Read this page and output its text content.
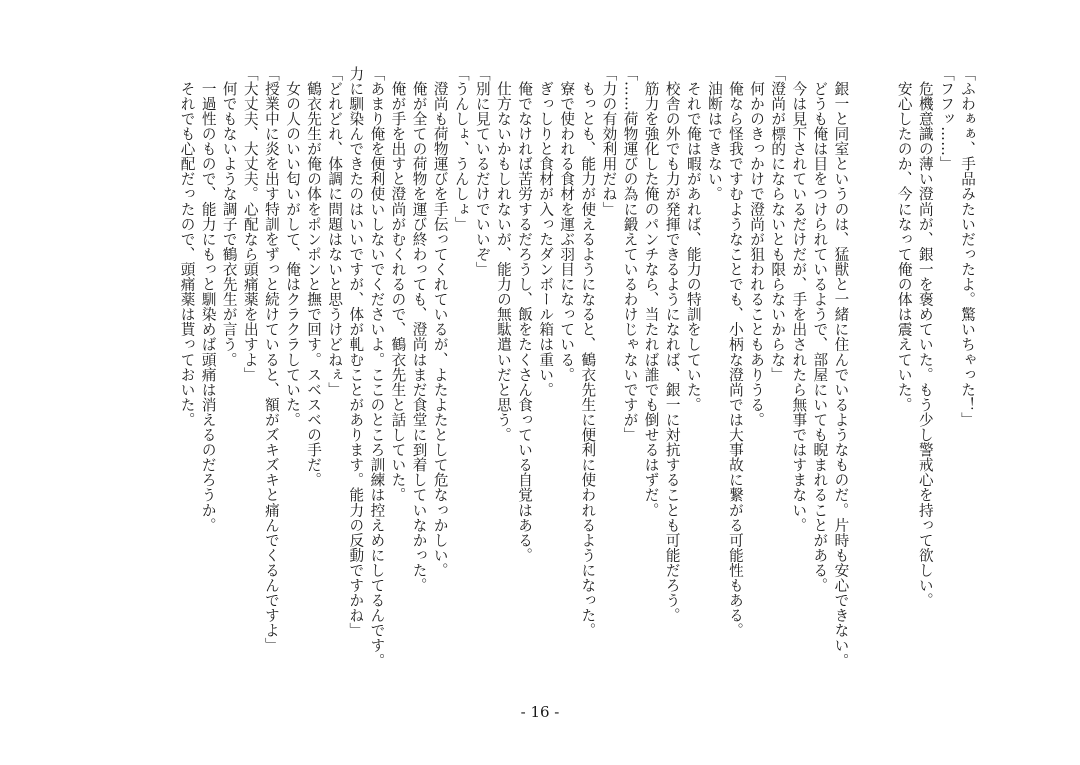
「ふわぁぁ、手品みたいだったよ。驚いちゃった！」
「フフッ……」
　危機意識の薄い澄尚が、銀一を褒めていた。もう少し警戒心を持って欲しい。
　安心したのか、今になって俺の体は震えていた。

　銀一と同室というのは、猛獣と一緒に住んでいるようなものだ。片時も安心できない。
　どうも俺は目をつけられているようで、部屋にいても睨まれることがある。
　今は見下されているだけだが、手を出されたら無事ではすまない。
「澄尚が標的にならないとも限らないからな」
　何かのきっかけで澄尚が狙われることもありうる。
　俺なら怪我ですむようなことでも、小柄な澄尚では大事故に繋がる可能性もある。
　油断はできない。
　それで俺は暇があれば、能力の特訓をしていた。
　校舎の外でも力が発揮できるようになれば、銀一に対抗することも可能だろう。
　筋力を強化した俺のパンチなら、当たれば誰でも倒せるはずだ。
「……荷物運びの為に鍛えているわけじゃないですが」
「力の有効利用だね」
　もっとも、能力が使えるようになると、鶴衣先生に便利に使われるようになった。
　寮で使われる食材を運ぶ羽目になっている。
　ぎっしりと食材が入ったダンボール箱は重い。
　俺でなければ苦労するだろうし、飯をたくさん食っている自覚はある。
　仕方ないかもしれないが、能力の無駄遣いだと思う。
「別に見ているだけでいいぞ」
「うんしょ、うんしょ」
　澄尚も荷物運びを手伝ってくれているが、よたよたとして危なっかしい。
　俺が全ての荷物を運び終わっても、澄尚はまだ食堂に到着していなかった。
　俺が手を出すと澄尚がむくれるので、鶴衣先生と話していた。
「あまり俺を便利使いしないでくださいよ。ここのところ訓練は控えめにしてるんです。
力に馴染んできたのはいいですが、体が軋むことがあります。能力の反動ですかね」
「どれどれ、体調に問題はないと思うけどねぇ」
　鶴衣先生が俺の体をポンポンと撫で回す。スベスベの手だ。
　女の人のいい匂いがして、俺はクラクラしていた。
「授業中に炎を出す特訓をずっと続けていると、額がズキズキと痛んでくるんですよ」
「大丈夫、大丈夫。心配なら頭痛薬を出すよ」
　何でもないような調子で鶴衣先生が言う。
　一過性のもので、能力にもっと馴染めば頭痛は消えるのだろうか。
　それでも心配だったので、頭痛薬は貰っておいた。
- 16 -
